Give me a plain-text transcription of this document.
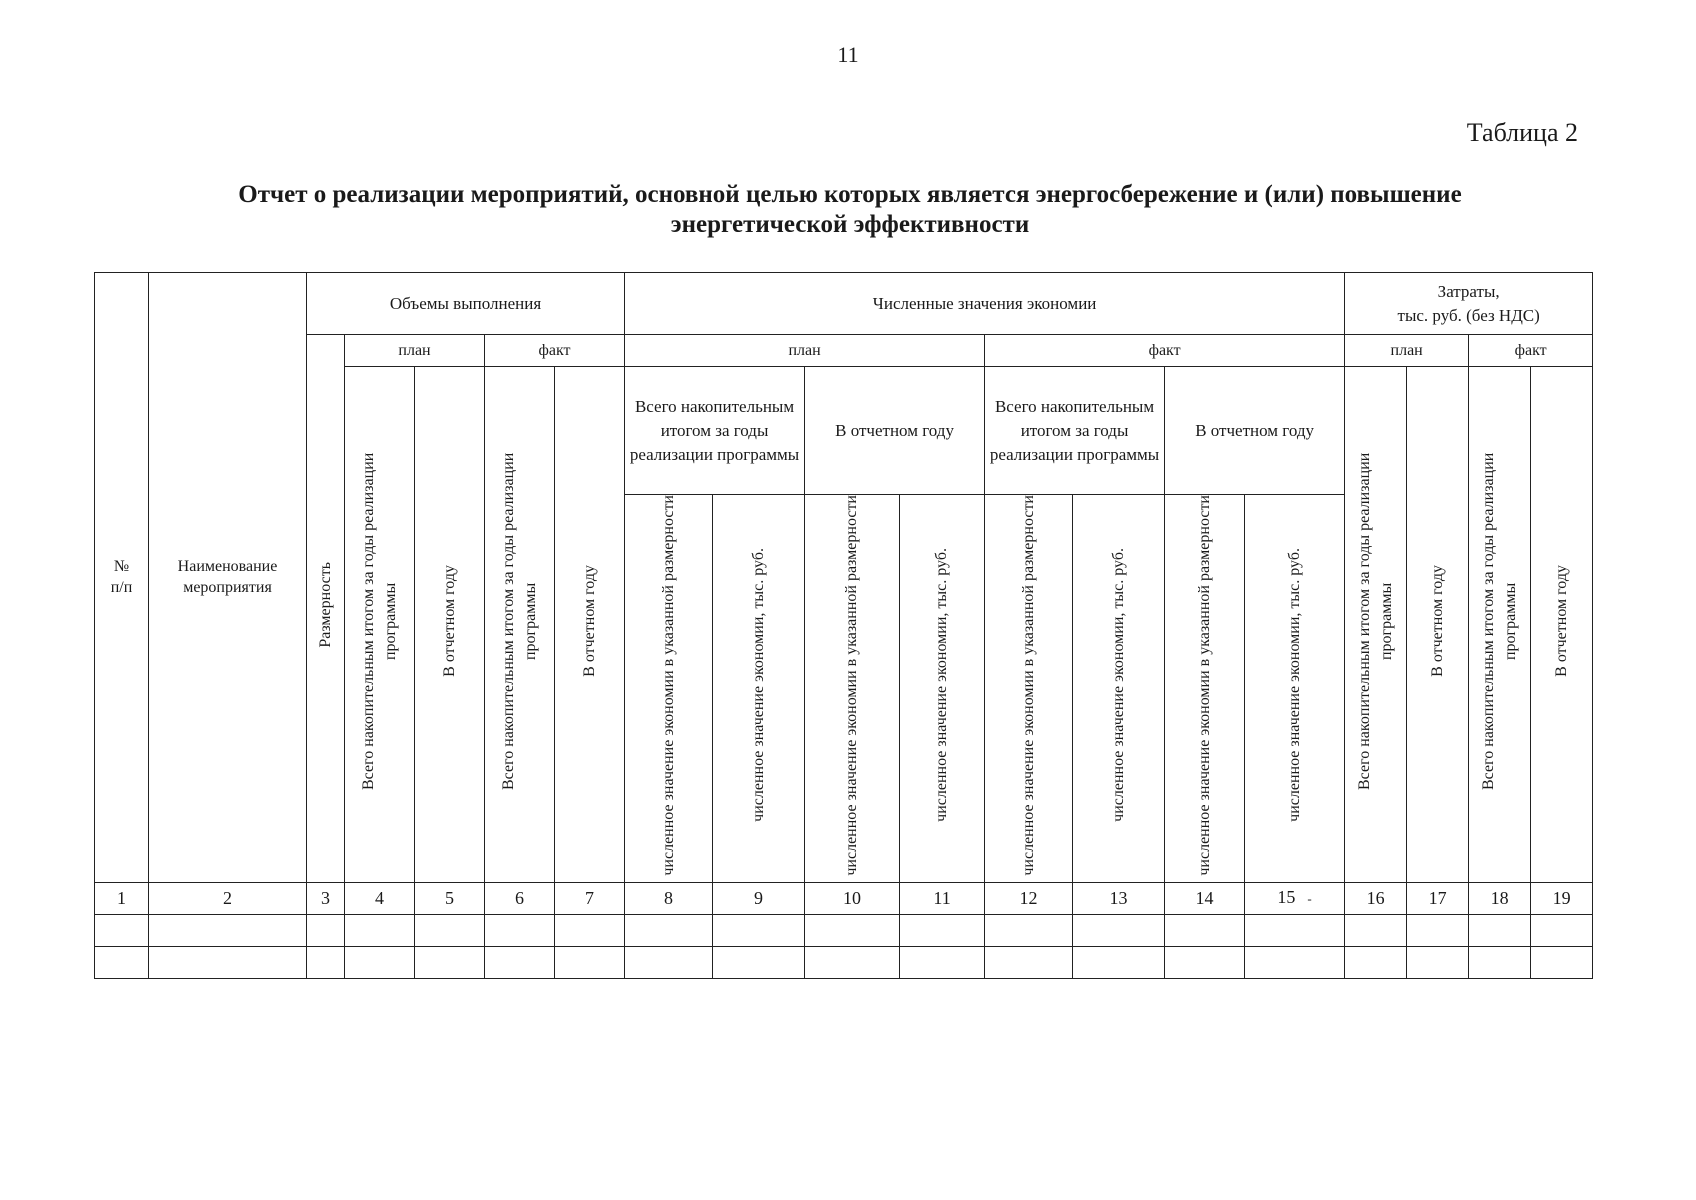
11
Таблица 2
Отчет о реализации мероприятий, основной целью которых является энергосбережение и (или) повышение
энергетической эффективности
№
п/п	Наименование мероприятия	Объемы выполнения					Численные значения экономии								Затраты,
тыс. руб. (без НДС)			
		Размерность	план		факт		план				факт				план		факт	
			Всего накопительным итогом за годы реализации программы	В отчетном году	Всего накопительным итогом за годы реализации программы	В отчетном году	Всего накопительным итогом за годы реализации программы		В отчетном году		Всего накопительным итогом за годы реализации программы		В отчетном году		Всего накопительным итогом за годы реализации программы	В отчетном году	Всего накопительным итогом за годы реализации программы	В отчетном году
							численное значение экономии в указанной размерности	численное значение экономии, тыс. руб.	численное значение экономии в указанной размерности	численное значение экономии, тыс. руб.	численное значение экономии в указанной размерности	численное значение экономии, тыс. руб.	численное значение экономии в указанной размерности	численное значение экономии, тыс. руб.				
1	2	3	4	5	6	7	8	9	10	11	12	13	14	15 -	16	17	18	19
